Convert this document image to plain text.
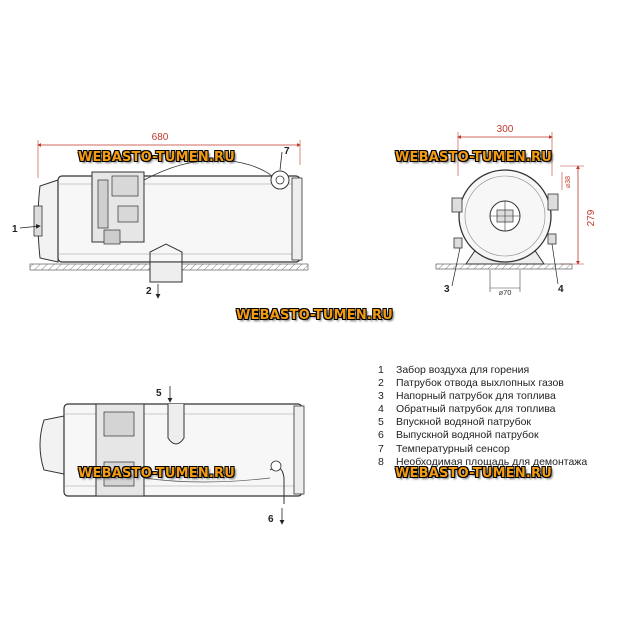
680
1
2
7
300
279
⌀38
⌀70
3	4
5
6
WEBASTO-TUMEN.RU	WEBASTO-TUMEN.RU
WEBASTO-TUMEN.RU
WEBASTO-TUMEN.RU	WEBASTO-TUMEN.RU
1	Забор воздуха для горения
2	Патрубок отвода выхлопных газов
3	Напорный патрубок для топлива
4	Обратный патрубок для топлива
5	Впускной водяной патрубок
6	Выпускной водяной патрубок
7	Температурный сенсор
8	Необходимая площадь для демонтажа
